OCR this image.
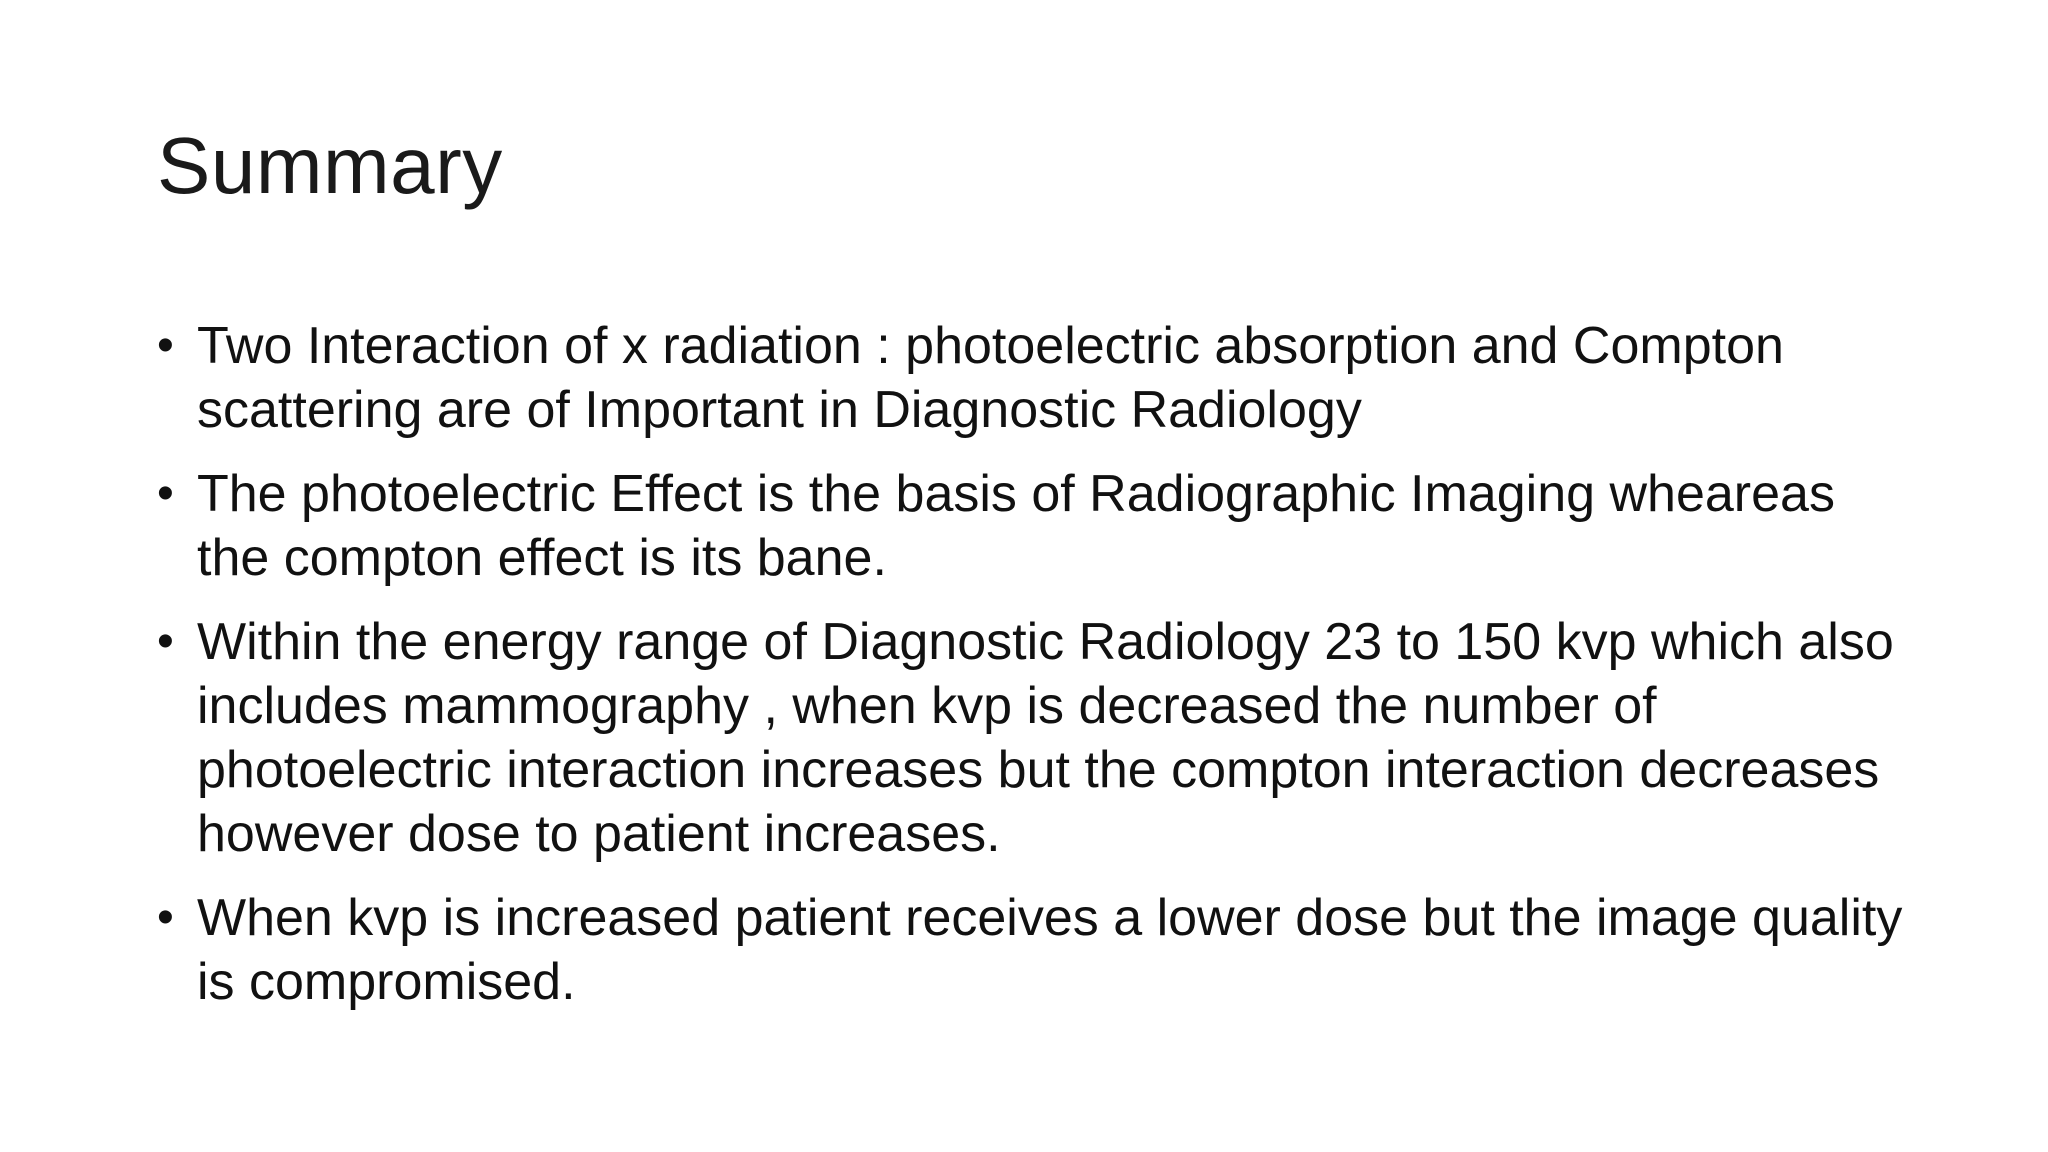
Summary
• Two Interaction of x radiation : photoelectric absorption and Compton scattering are of Important in Diagnostic Radiology
• The photoelectric Effect is the basis of Radiographic Imaging wheareas the compton effect is its bane.
• Within the energy range of Diagnostic Radiology 23 to 150 kvp which also includes mammography , when kvp is decreased the number of photoelectric interaction increases but the compton interaction decreases however dose to patient increases.
• When kvp is increased patient receives a lower dose but the image quality is compromised.
